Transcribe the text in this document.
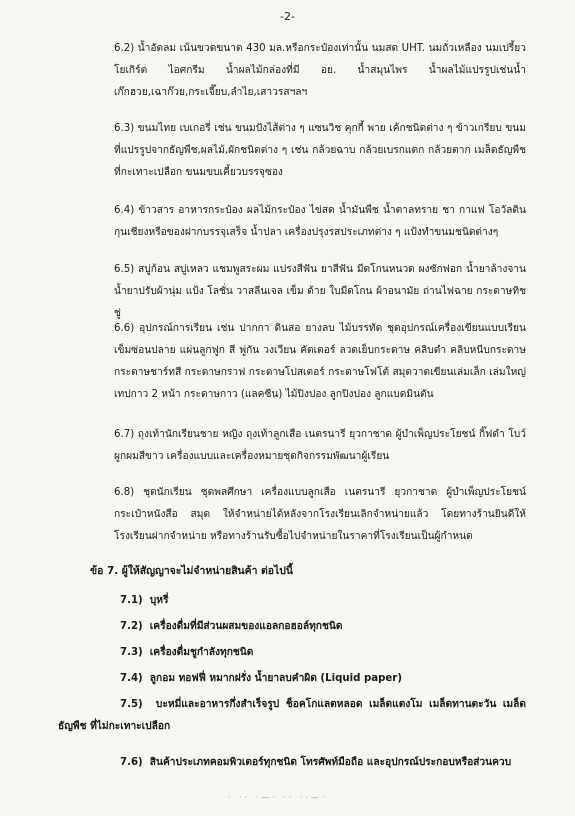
-2-
6.2) น้ำอัดลม เน้นขวดขนาด 430 มล.หรือกระป๋องเท่านั้น นมสด UHT. นมถั่วเหลือง นมเปรี้ยว โยเกิร์ต ไอศกรีม น้ำผลไม้กล่องที่มี อย. น้ำสมุนไพร น้ำผลไม้แปรรูปเช่นน้ำเก๊กฮวย,เฉาก๊วย,กระเจี๊ยบ,ลำไย,เสาวรสฯลฯ
6.3) ขนมไทย เบเกอรี่ เช่น ขนมปังไส้ต่าง ๆ แซนวิช คุกกี้ พาย เค้กชนิดต่าง ๆ ข้าวเกรียบ ขนมที่แปรรูปจากธัญพืช,ผลไม้,ผักชนิดต่าง ๆ เช่น กล้วยฉาบ กล้วยเบรกแตก กล้วยตาก เมล็ดธัญพืชที่กะเทาะเปลือก ขนมขบเคี้ยวบรรจุซอง
6.4) ข้าวสาร อาหารกระป๋อง ผลไม้กระป๋อง ไข่สด น้ำมันพืช น้ำตาลทราย ชา กาแฟ โอวัลติน กุนเชียงหรือของฝากบรรจุเสร็จ น้ำปลา เครื่องปรุงรสประเภทต่าง ๆ แป้งทำขนมชนิดต่างๆ
6.5) สบู่ก้อน สบู่เหลว แชมพูสระผม แปรงสีฟัน ยาสีฟัน มีดโกนหนวด ผงซักฟอก น้ำยาล้างจาน น้ำยาปรับผ้านุ่ม แป้ง โลชั่น วาสลีนเจล เข็ม ด้าย ใบมีดโกน ผ้าอนามัย ถ่านไฟฉาย กระดาษทิชชู่
6.6) อุปกรณ์การเรียน เช่น ปากกา ดินสอ ยางลบ ไม้บรรทัด ชุดอุปกรณ์เครื่องเขียนแบบเรียน เข็มซ่อนปลาย แผ่นลูกฟูก สี พู่กัน วงเวียน คัตเตอร์ ลวดเย็บกระดาษ คลิบดำ คลิบหนีบกระดาษ กระดาษชาร์ทสี กระดาษกราฟ กระดาษโปสเตอร์ กระดาษโฟโต้ สมุดวาดเขียนเล่มเล็ก เล่มใหญ่ เทปกาว 2 หน้า กระดาษกาว (แลคซีน) ไม้ปิงปอง ลูกปิงปอง ลูกแบดมินตัน
6.7) ถุงเท้านักเรียนชาย หญิง ถุงเท้าลูกเสือ เนตรนารี ยุวกาชาด ผู้บำเพ็ญประโยชน์ กิ๊ฟดำ โบว์ผูกผมสีขาว เครื่องแบบและเครื่องหมายชุดกิจกรรมพัฒนาผู้เรียน
6.8) ชุดนักเรียน ชุดพลศึกษา เครื่องแบบลูกเสือ เนตรนารี ยุวกาชาด ผู้บำเพ็ญประโยชน์ กระเป๋าหนังสือ สมุด ให้จำหน่ายได้หลังจากโรงเรียนเลิกจำหน่ายแล้ว โดยทางร้านยินดีให้โรงเรียนฝากจำหน่าย หรือทางร้านรับซื้อไปจำหน่ายในราคาที่โรงเรียนเป็นผู้กำหนด
ข้อ 7. ผู้ให้สัญญาจะไม่จำหน่ายสินค้า ต่อไปนี้
7.1) บุหรี่
7.2) เครื่องดื่มที่มีส่วนผสมของแอลกอฮอล์ทุกชนิด
7.3) เครื่องดื่มชูกำลังทุกชนิด
7.4) ลูกอม ทอฟฟี่ หมากฝรั่ง น้ำยาลบคำผิด (Liquid paper)
7.5) บะหมี่และอาหารกึ่งสำเร็จรูป ช็อคโกแลตหลอด เมล็ดแตงโม เมล็ดทานตะวัน เมล็ดธัญพืช ที่ไม่กะเทาะเปลือก
7.6) สินค้าประเภทคอมพิวเตอร์ทุกชนิด โทรศัพท์มือถือ และอุปกรณ์ประกอบหรือส่วนควบ
· ·· ·—· ·· ··—·
